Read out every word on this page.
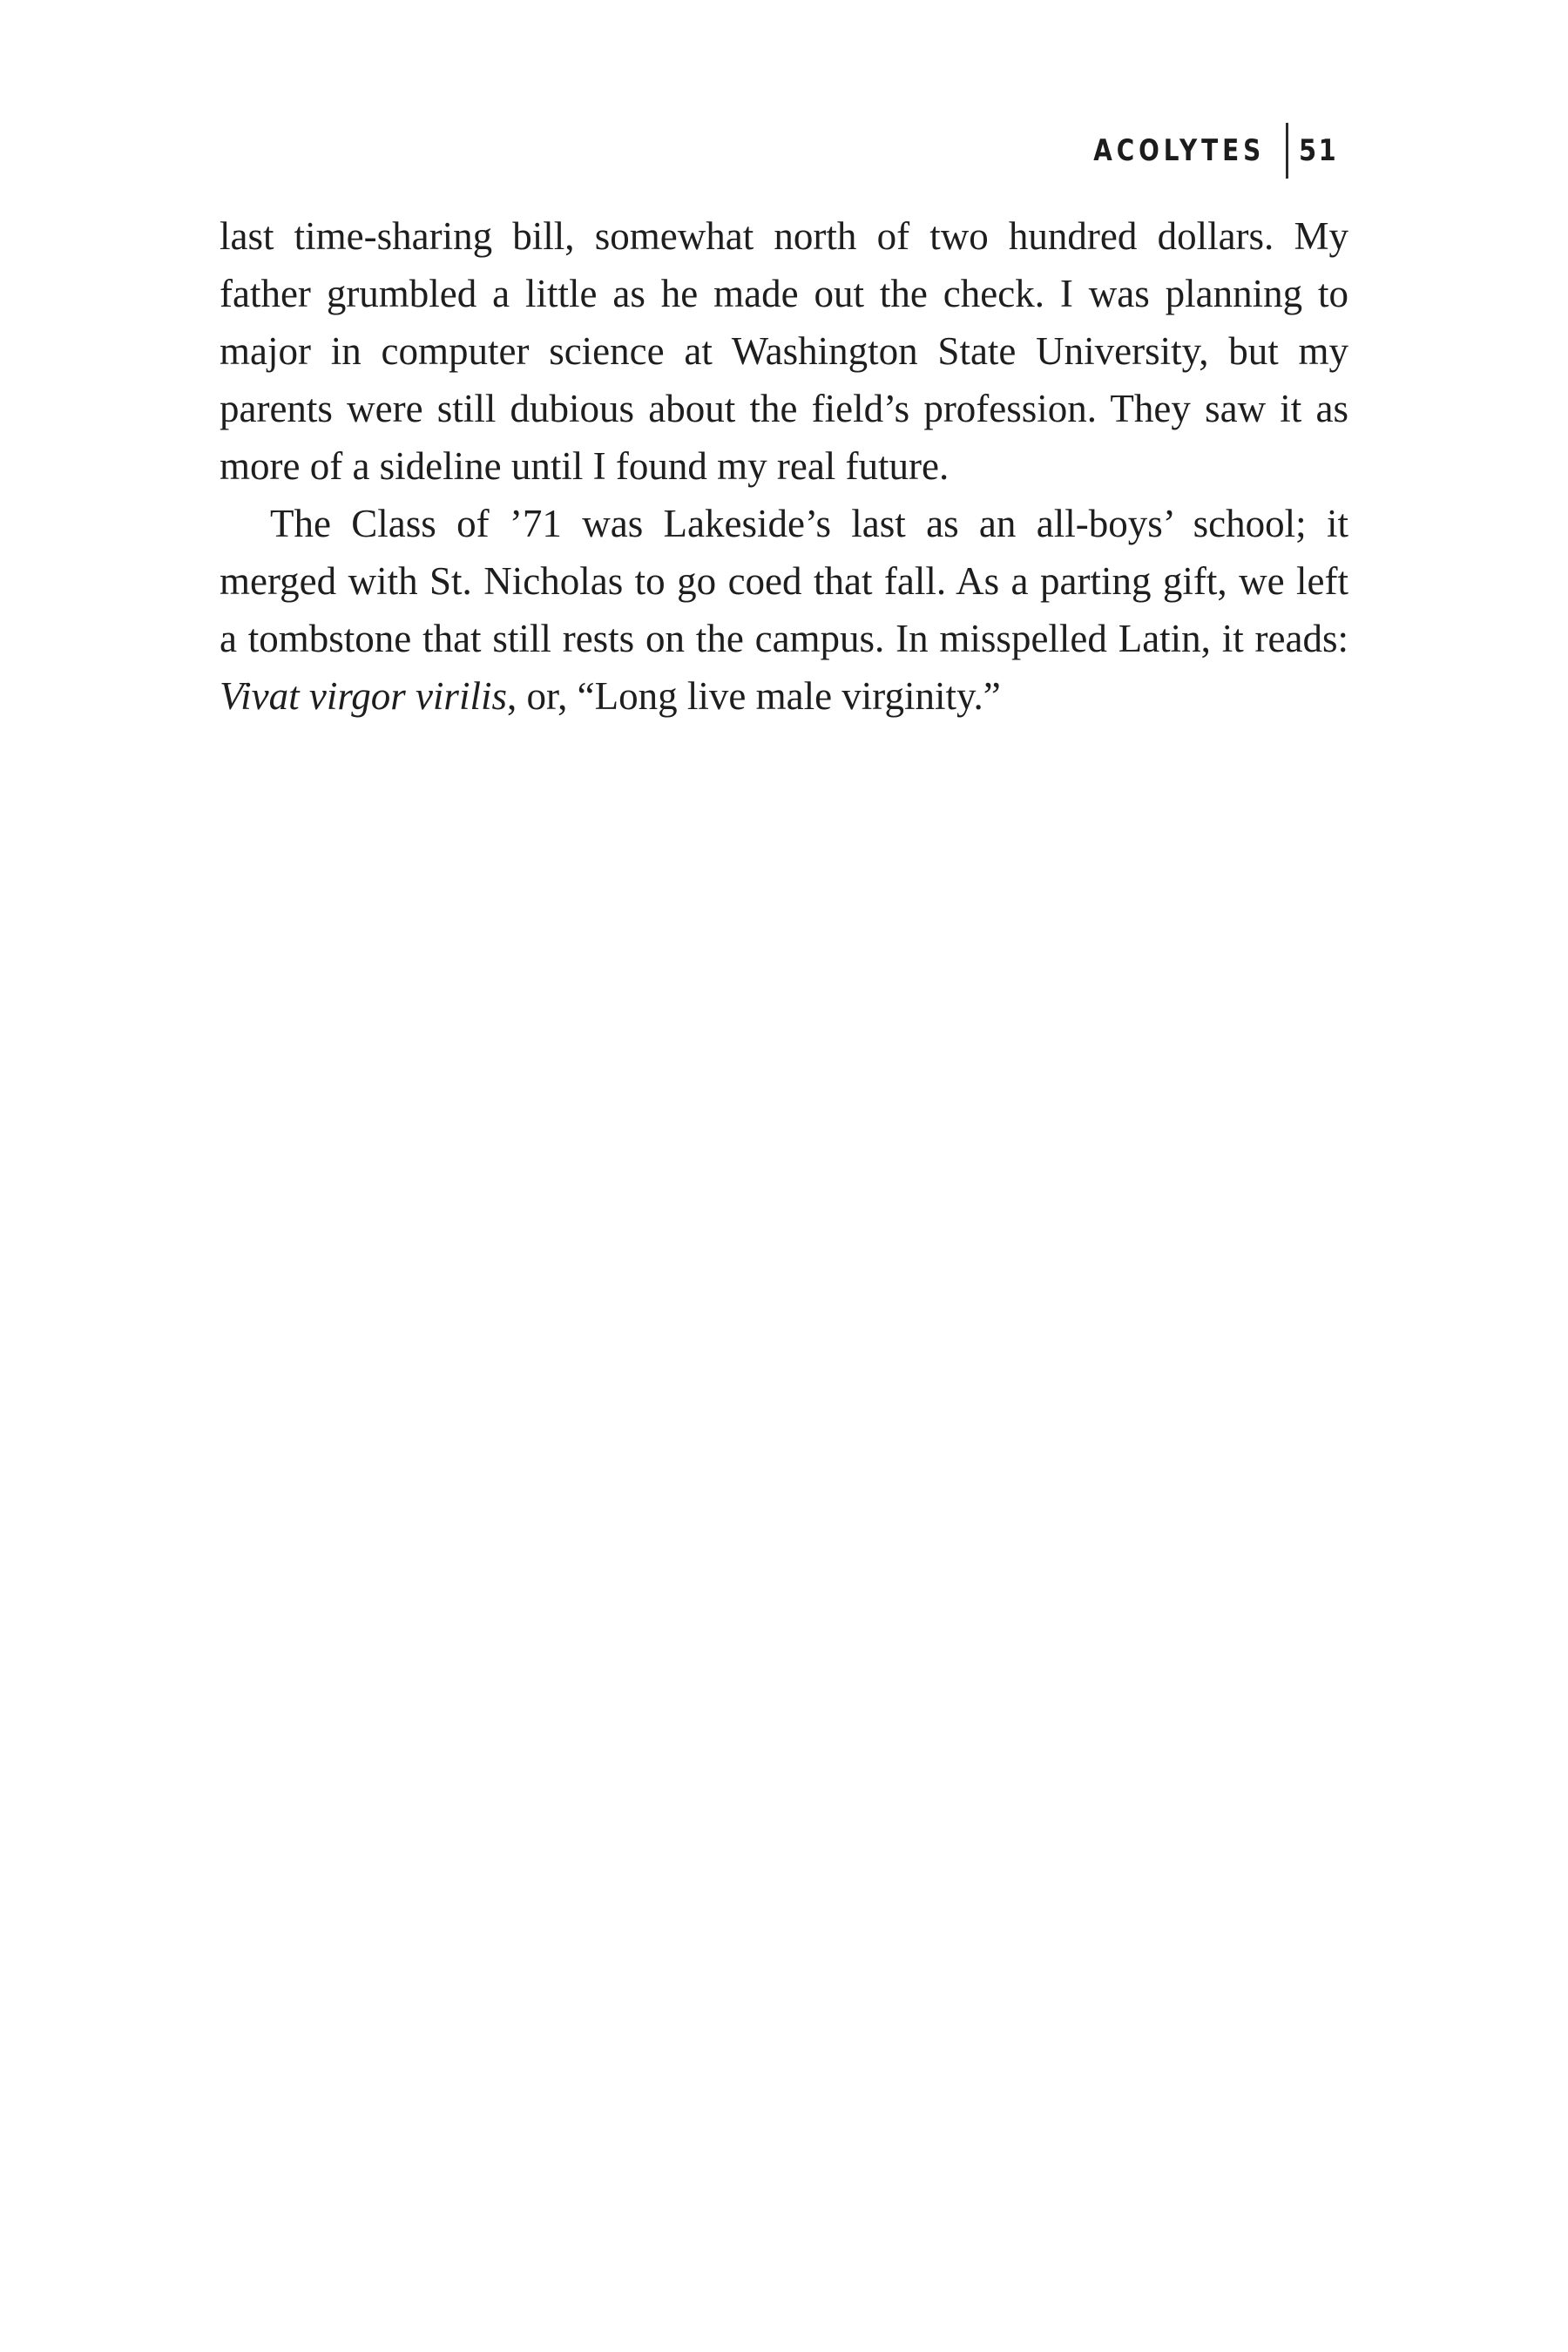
ACOLYTES 51

last time-sharing bill, somewhat north of two hundred dollars. My father grumbled a little as he made out the check. I was planning to major in computer science at Washington State University, but my parents were still dubious about the field’s profession. They saw it as more of a sideline until I found my real future.

The Class of ’71 was Lakeside’s last as an all-boys’ school; it merged with St. Nicholas to go coed that fall. As a parting gift, we left a tombstone that still rests on the campus. In misspelled Latin, it reads: Vivat virgor virilis, or, “Long live male virginity.”
